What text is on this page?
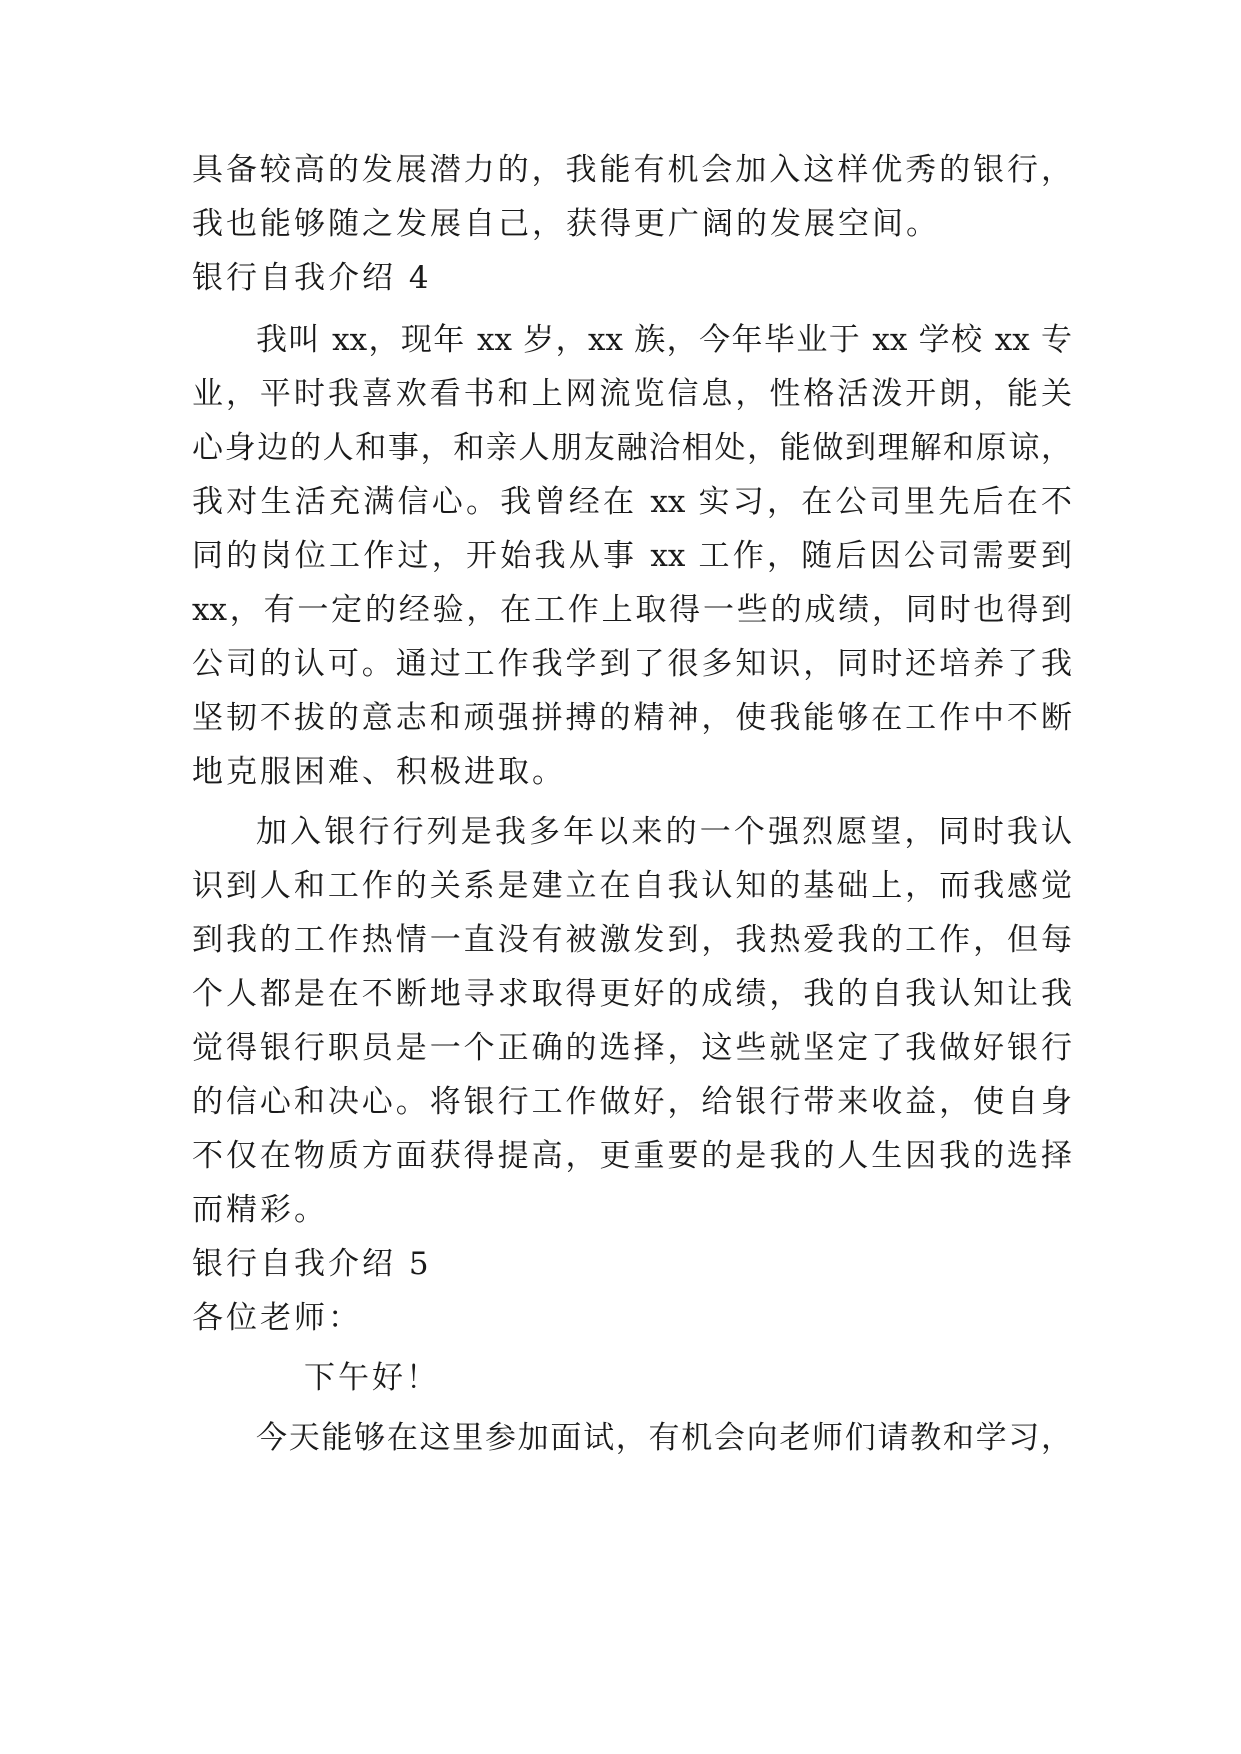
具备较高的发展潜力的，我能有机会加入这样优秀的银行，
我也能够随之发展自己，获得更广阔的发展空间。
银行自我介绍 4
我叫 xx，现年 xx 岁，xx 族，今年毕业于 xx 学校 xx 专
业，平时我喜欢看书和上网流览信息，性格活泼开朗，能关
心身边的人和事，和亲人朋友融洽相处，能做到理解和原谅，
我对生活充满信心。我曾经在 xx 实习，在公司里先后在不
同的岗位工作过，开始我从事 xx 工作，随后因公司需要到
xx，有一定的经验，在工作上取得一些的成绩，同时也得到
公司的认可。通过工作我学到了很多知识，同时还培养了我
坚韧不拔的意志和顽强拼搏的精神，使我能够在工作中不断
地克服困难、积极进取。
加入银行行列是我多年以来的一个强烈愿望，同时我认
识到人和工作的关系是建立在自我认知的基础上，而我感觉
到我的工作热情一直没有被激发到，我热爱我的工作，但每
个人都是在不断地寻求取得更好的成绩，我的自我认知让我
觉得银行职员是一个正确的选择，这些就坚定了我做好银行
的信心和决心。将银行工作做好，给银行带来收益，使自身
不仅在物质方面获得提高，更重要的是我的人生因我的选择
而精彩。
银行自我介绍 5
各位老师：
下午好！
今天能够在这里参加面试，有机会向老师们请教和学习，
